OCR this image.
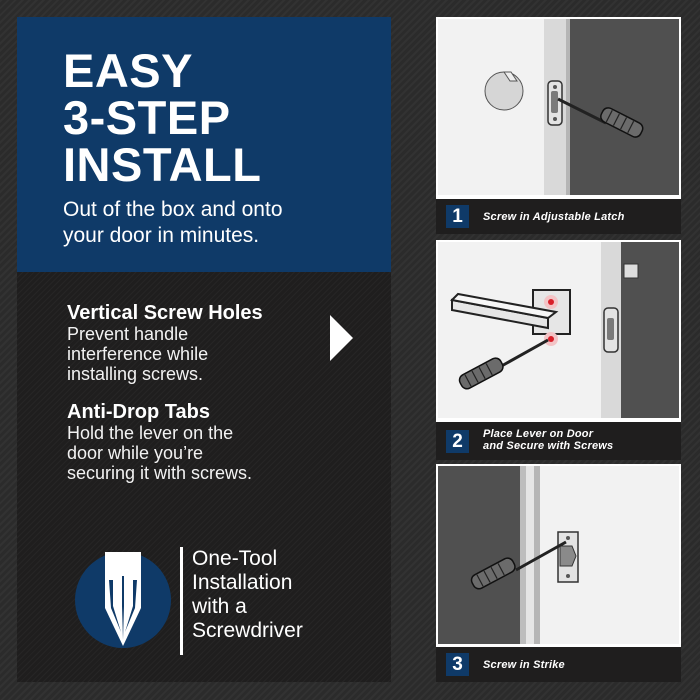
EASY
3-STEP
INSTALL

Out of the box and onto
your door in minutes.

Vertical Screw Holes

Prevent handle
interference while
installing screws.

Anti-Drop Tabs

Hold the lever on the
door while you’re
securing it with screws.

One-Tool
Installation
with a
Screwdriver

1	Screw in Adjustable Latch
2	Place Lever on Door
and Secure with Screws
3	Screw in Strike
